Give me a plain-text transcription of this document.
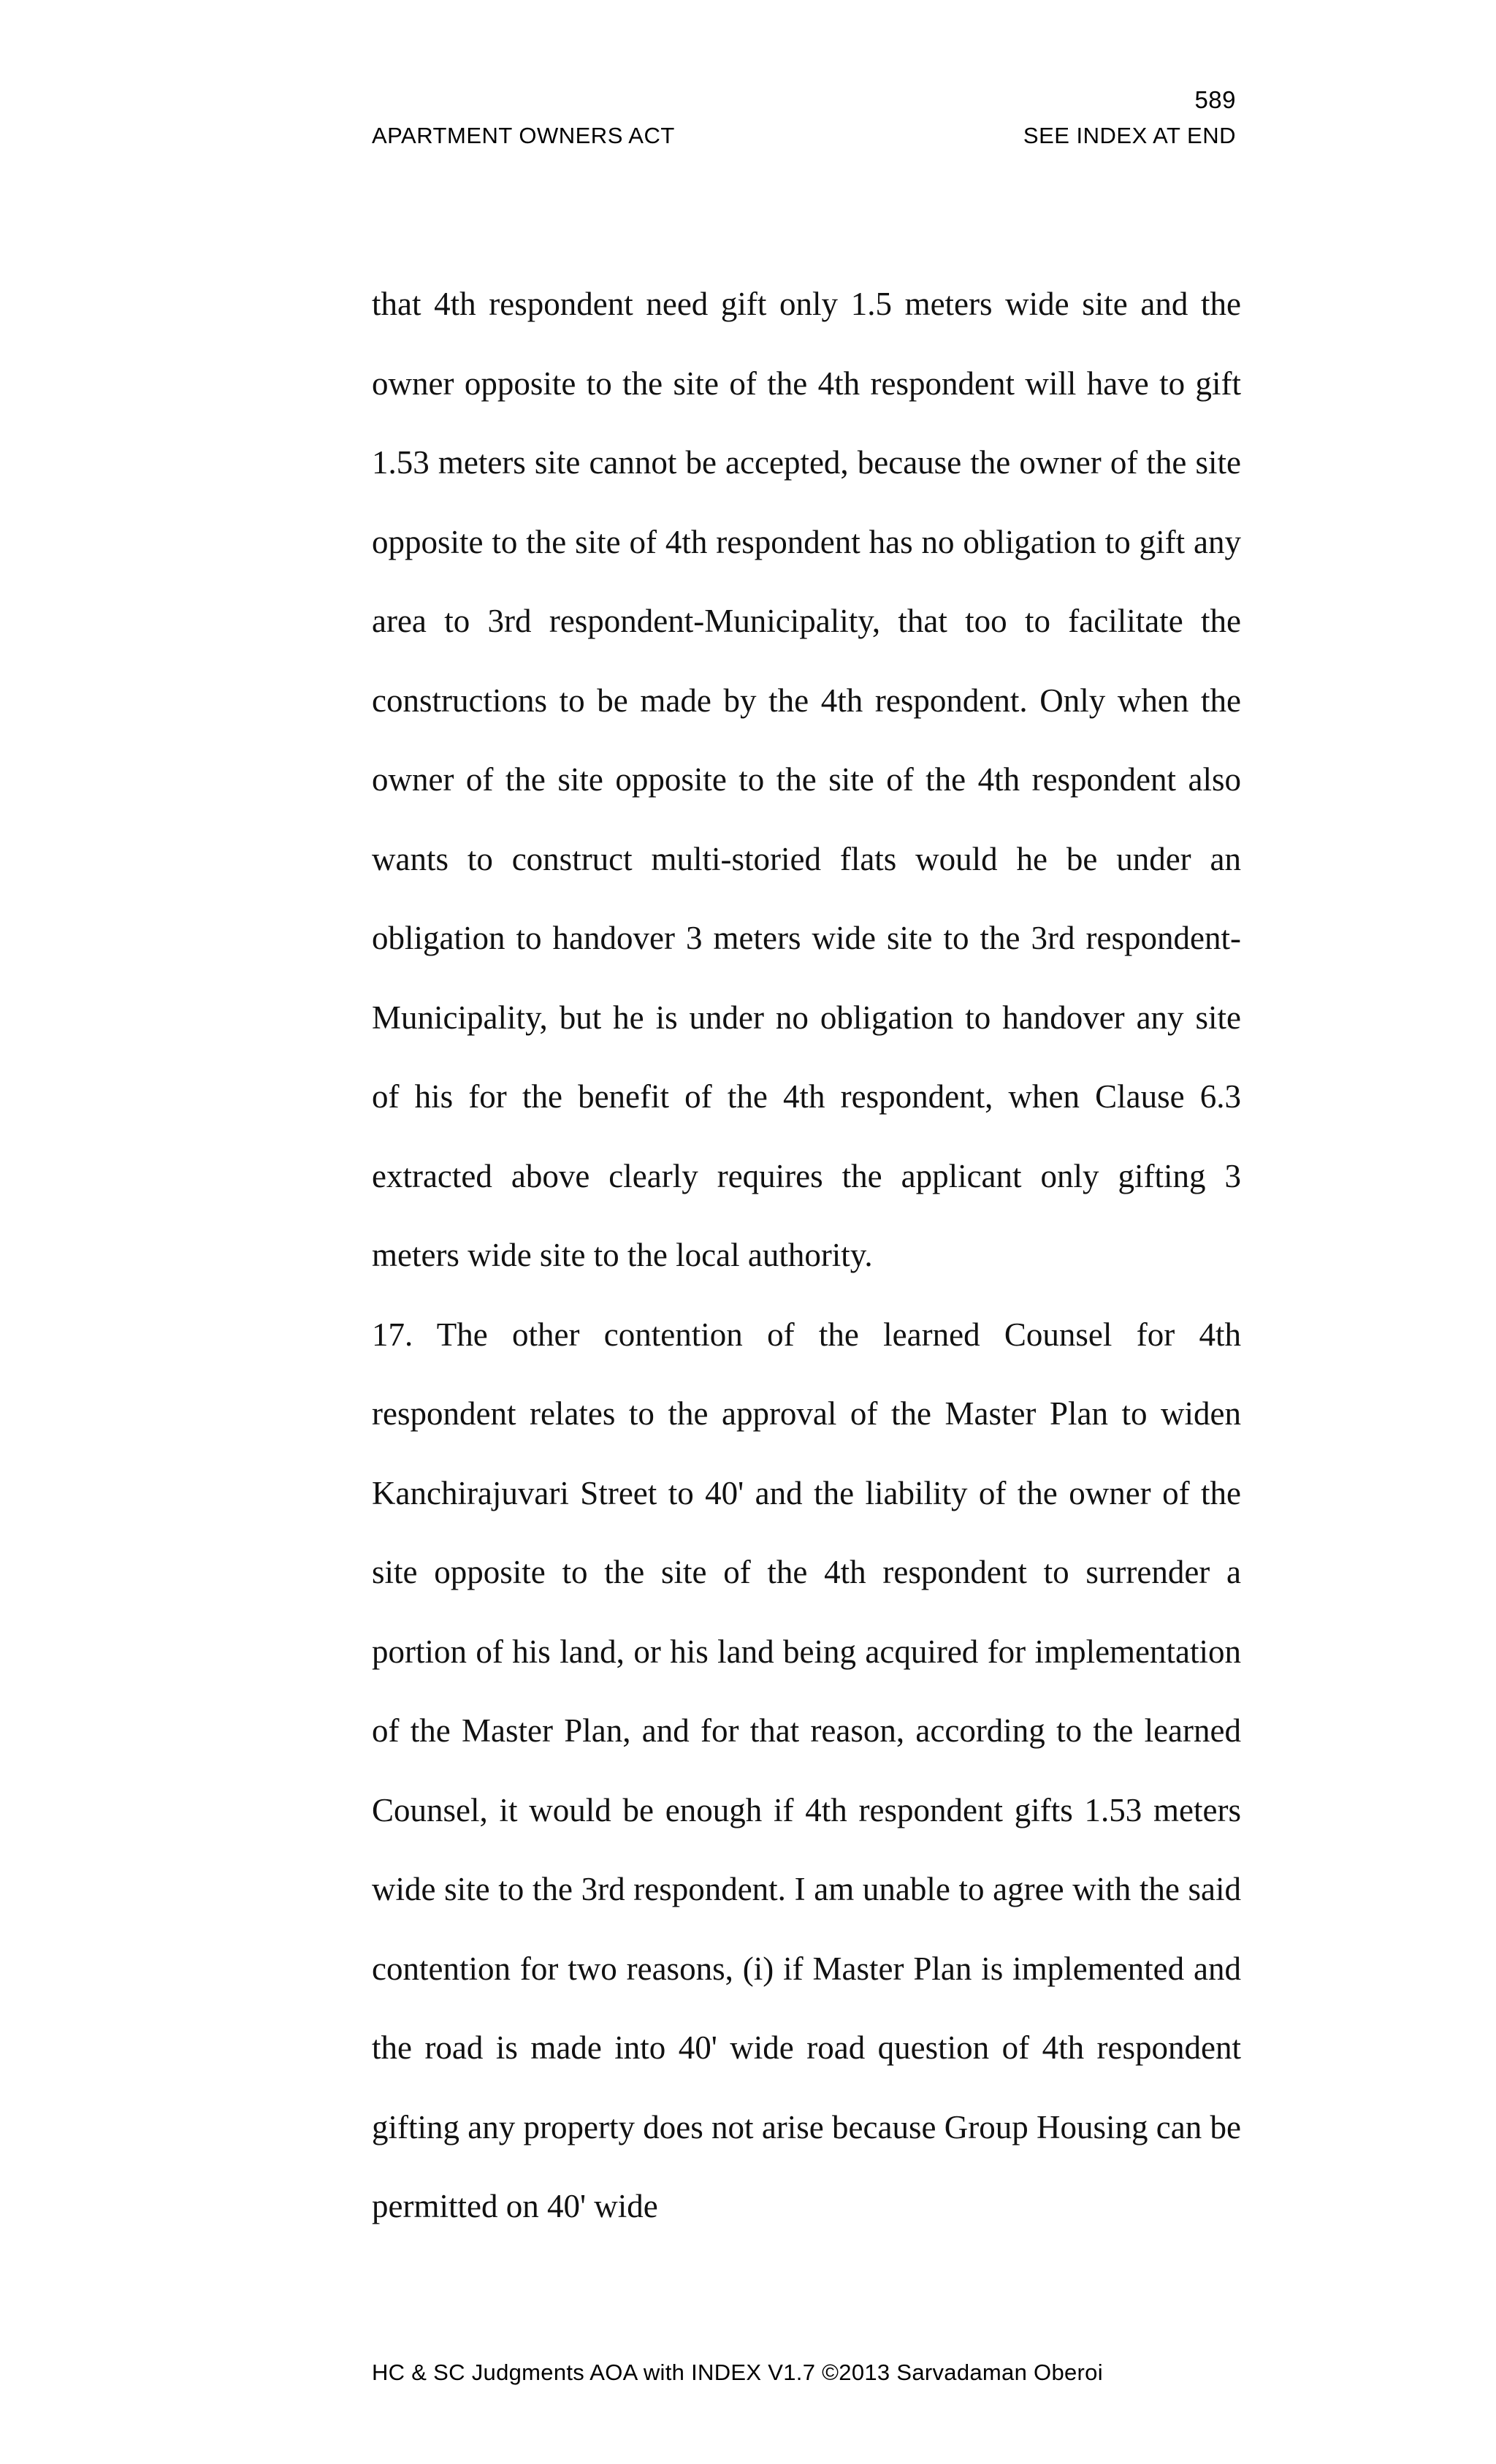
589
APARTMENT OWNERS ACT	SEE INDEX AT END

that 4th respondent need gift only 1.5 meters wide site and the owner opposite to the site of the 4th respondent will have to gift 1.53 meters site cannot be accepted, because the owner of the site opposite to the site of 4th respondent has no obligation to gift any area to 3rd respondent-Municipality, that too to facilitate the constructions to be made by the 4th respondent. Only when the owner of the site opposite to the site of the 4th respondent also wants to construct multi-storied flats would he be under an obligation to handover 3 meters wide site to the 3rd respondent-Municipality, but he is under no obligation to handover any site of his for the benefit of the 4th respondent, when Clause 6.3 extracted above clearly requires the applicant only gifting 3 meters wide site to the local authority.

17. The other contention of the learned Counsel for 4th respondent relates to the approval of the Master Plan to widen Kanchirajuvari Street to 40' and the liability of the owner of the site opposite to the site of the 4th respondent to surrender a portion of his land, or his land being acquired for implementation of the Master Plan, and for that reason, according to the learned Counsel, it would be enough if 4th respondent gifts 1.53 meters wide site to the 3rd respondent. I am unable to agree with the said contention for two reasons, (i) if Master Plan is implemented and the road is made into 40' wide road question of 4th respondent gifting any property does not arise because Group Housing can be permitted on 40' wide

HC & SC Judgments AOA with INDEX V1.7 ©2013 Sarvadaman Oberoi
